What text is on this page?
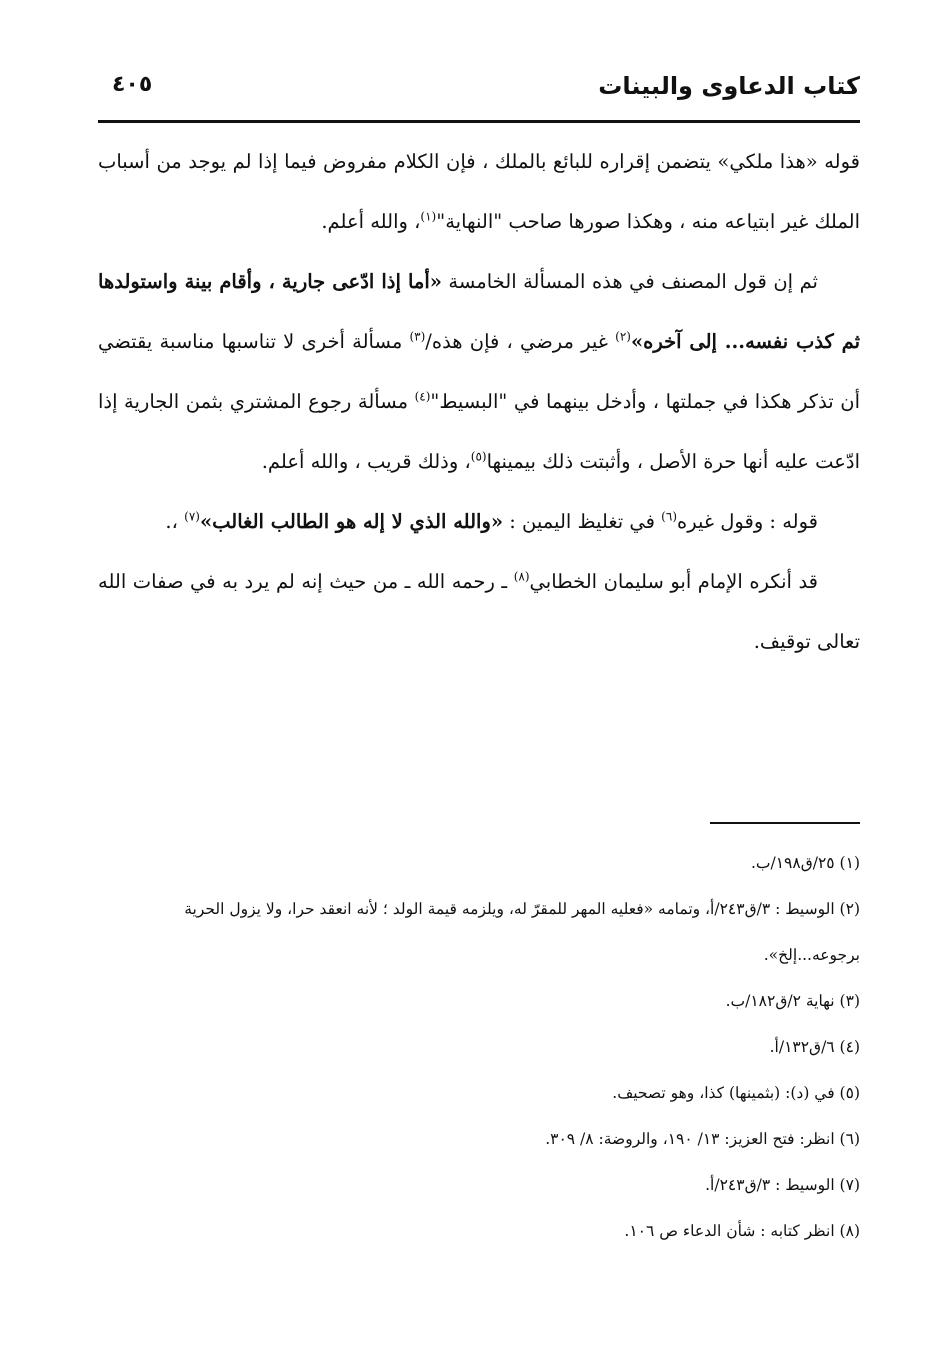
٤٠٥	كتاب الدعاوى والبينات
قوله «هذا ملكي» يتضمن إقراره للبائع بالملك ، فإن الكلام مفروض فيما إذا لم يوجد من أسباب الملك غير ابتياعه منه ، وهكذا صورها صاحب "النهاية"$^{(١)}$، والله أعلم.
ثم إن قول المصنف في هذه المسألة الخامسة «أما إذا ادّعى جارية ، وأقام بينة واستولدها ثم كذب نفسه... إلى آخره»$^{(٢)}$ غير مرضي ، فإن هذه/$^{(٣)}$ مسألة أخرى لا تناسبها مناسبة يقتضي أن تذكر هكذا في جملتها ، وأدخل بينهما في "البسيط"$^{(٤)}$ مسألة رجوع المشتري بثمن الجارية إذا ادّعت عليه أنها حرة الأصل ، وأثبتت ذلك بيمينها$^{(٥)}$، وذلك قريب ، والله أعلم.
قوله : وقول غيره$^{(٦)}$ في تغليظ اليمين : «والله الذي لا إله هو الطالب الغالب»$^{(٧)}$ ،.
قد أنكره الإمام أبو سليمان الخطابي$^{(٨)}$ ـ رحمه الله ـ من حيث إنه لم يرد به في صفات الله تعالى توقيف.

(١) ٢٥/ق١٩٨/ب.

(٢) الوسيط : ٣/ق٢٤٣/أ، وتمامه «فعليه المهر للمقرّ له، ويلزمه قيمة الولد ؛ لأنه انعقد حرا، ولا يزول الحرية برجوعه...إلخ».

(٣) نهاية ٢/ق١٨٢/ب.

(٤) ٦/ق١٣٢/أ.

(٥) في (د): (بثمينها) كذا، وهو تصحيف.

(٦) انظر: فتح العزيز: ١٣/ ١٩٠، والروضة: ٨/ ٣٠٩.

(٧) الوسيط : ٣/ق٢٤٣/أ.

(٨) انظر كتابه : شأن الدعاء ص ١٠٦.
